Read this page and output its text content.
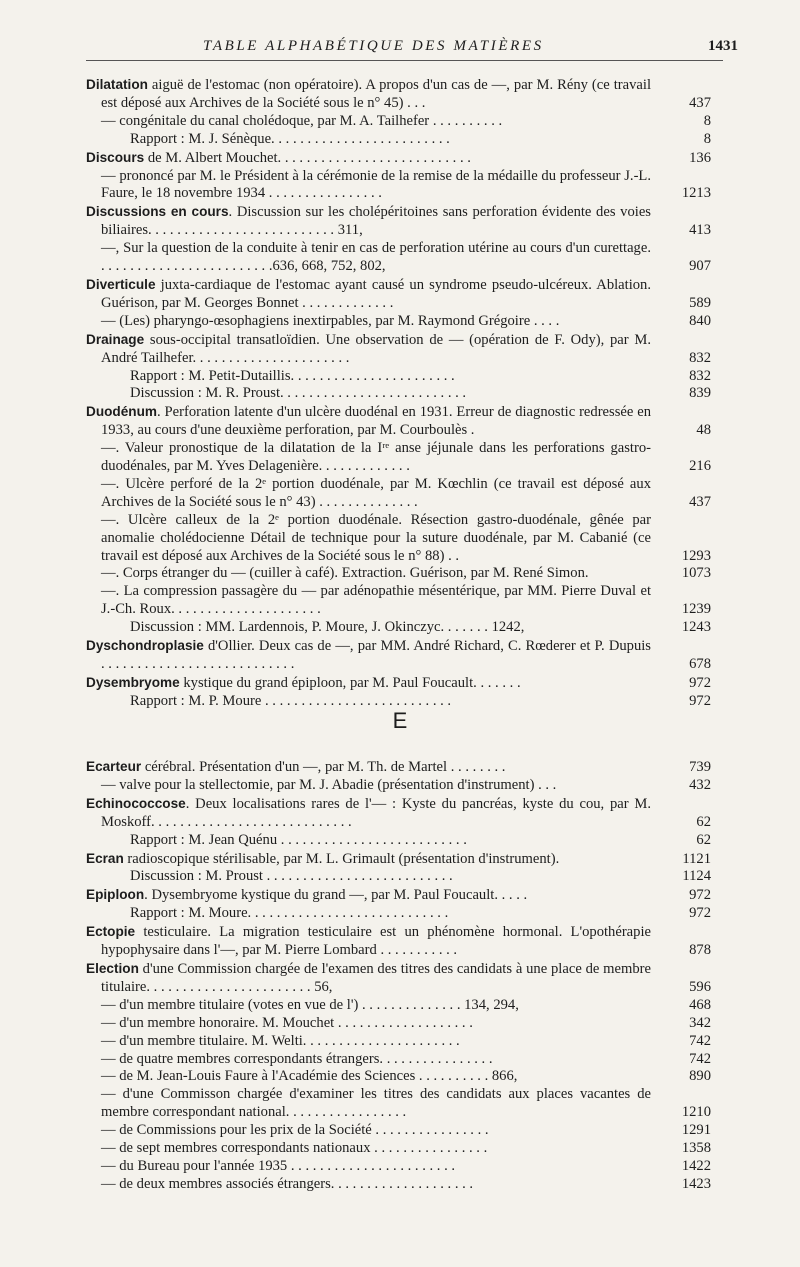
TABLE ALPHABÉTIQUE DES MATIÈRES	1431
Dilatation aiguë de l'estomac (non opératoire). A propos d'un cas de —, par M. Rény (ce travail est déposé aux Archives de la Société sous le n° 45) . . .	437
— congénitale du canal cholédoque, par M. A. Tailhefer . . . . . . . . . .	8
Rapport : M. J. Sénèque. . . . . . . . . . . . . . . . . . . . . . . . .	8
Discours de M. Albert Mouchet. . . . . . . . . . . . . . . . . . . . . . . . . . .	136
— prononcé par M. le Président à la cérémonie de la remise de la médaille du professeur J.-L. Faure, le 18 novembre 1934 . . . . . . . . . . . . . . . .	1213
Discussions en cours. Discussion sur les cholépéritoines sans perforation évidente des voies biliaires. . . . . . . . . . . . . . . . . . . . . . . . . . 311,	413
—, Sur la question de la conduite à tenir en cas de perforation utérine au cours d'un curettage. . . . . . . . . . . . . . . . . . . . . . . . .636, 668, 752, 802,	907
Diverticule juxta-cardiaque de l'estomac ayant causé un syndrome pseudo-ulcéreux. Ablation. Guérison, par M. Georges Bonnet . . . . . . . . . . . . .	589
— (Les) pharyngo-œsophagiens inextirpables, par M. Raymond Grégoire . . . .	840
Drainage sous-occipital transatloïdien. Une observation de — (opération de F. Ody), par M. André Tailhefer. . . . . . . . . . . . . . . . . . . . . .	832
Rapport : M. Petit-Dutaillis. . . . . . . . . . . . . . . . . . . . . . .	832
Discussion : M. R. Proust. . . . . . . . . . . . . . . . . . . . . . . . . .	839
Duodénum. Perforation latente d'un ulcère duodénal en 1931. Erreur de diagnostic redressée en 1933, au cours d'une deuxième perforation, par M. Courboulès .	48
—. Valeur pronostique de la dilatation de la Iʳᵉ anse jéjunale dans les perforations gastro-duodénales, par M. Yves Delagenière. . . . . . . . . . . . .	216
—. Ulcère perforé de la 2ᵉ portion duodénale, par M. Kœchlin (ce travail est déposé aux Archives de la Société sous le n° 43) . . . . . . . . . . . . . .	437
—. Ulcère calleux de la 2ᵉ portion duodénale. Résection gastro-duodénale, gênée par anomalie cholédocienne Détail de technique pour la suture duodénale, par M. Cabanié (ce travail est déposé aux Archives de la Société sous le n° 88) . .	1293
—. Corps étranger du — (cuiller à café). Extraction. Guérison, par M. René Simon.	1073
—. La compression passagère du — par adénopathie mésentérique, par MM. Pierre Duval et J.-Ch. Roux. . . . . . . . . . . . . . . . . . . . .	1239
Discussion : MM. Lardennois, P. Moure, J. Okinczyc. . . . . . . 1242,	1243
Dyschondroplasie d'Ollier. Deux cas de —, par MM. André Richard, C. Rœderer et P. Dupuis . . . . . . . . . . . . . . . . . . . . . . . . . . .	678
Dysembryome kystique du grand épiploon, par M. Paul Foucault. . . . . . .	972
Rapport : M. P. Moure . . . . . . . . . . . . . . . . . . . . . . . . . .	972
E
Ecarteur cérébral. Présentation d'un —, par M. Th. de Martel . . . . . . . .	739
— valve pour la stellectomie, par M. J. Abadie (présentation d'instrument) . . .	432
Echinococcose. Deux localisations rares de l'— : Kyste du pancréas, kyste du cou, par M. Moskoff. . . . . . . . . . . . . . . . . . . . . . . . . . . .	62
Rapport : M. Jean Quénu . . . . . . . . . . . . . . . . . . . . . . . . . .	62
Ecran radioscopique stérilisable, par M. L. Grimault (présentation d'instrument).	1121
Discussion : M. Proust . . . . . . . . . . . . . . . . . . . . . . . . . .	1124
Epiploon. Dysembryome kystique du grand —, par M. Paul Foucault. . . . .	972
Rapport : M. Moure. . . . . . . . . . . . . . . . . . . . . . . . . . . .	972
Ectopie testiculaire. La migration testiculaire est un phénomène hormonal. L'opothérapie hypophysaire dans l'—, par M. Pierre Lombard . . . . . . . . . . .	878
Election d'une Commission chargée de l'examen des titres des candidats à une place de membre titulaire. . . . . . . . . . . . . . . . . . . . . . . 56,	596
— d'un membre titulaire (votes en vue de l') . . . . . . . . . . . . . . 134, 294,	468
— d'un membre honoraire. M. Mouchet . . . . . . . . . . . . . . . . . . .	342
— d'un membre titulaire. M. Welti. . . . . . . . . . . . . . . . . . . . . .	742
— de quatre membres correspondants étrangers. . . . . . . . . . . . . . . .	742
— de M. Jean-Louis Faure à l'Académie des Sciences . . . . . . . . . . 866,	890
— d'une Commisson chargée d'examiner les titres des candidats aux places vacantes de membre correspondant national. . . . . . . . . . . . . . . . .	1210
— de Commissions pour les prix de la Société . . . . . . . . . . . . . . . .	1291
— de sept membres correspondants nationaux . . . . . . . . . . . . . . . .	1358
— du Bureau pour l'année 1935 . . . . . . . . . . . . . . . . . . . . . . .	1422
— de deux membres associés étrangers. . . . . . . . . . . . . . . . . . . .	1423
